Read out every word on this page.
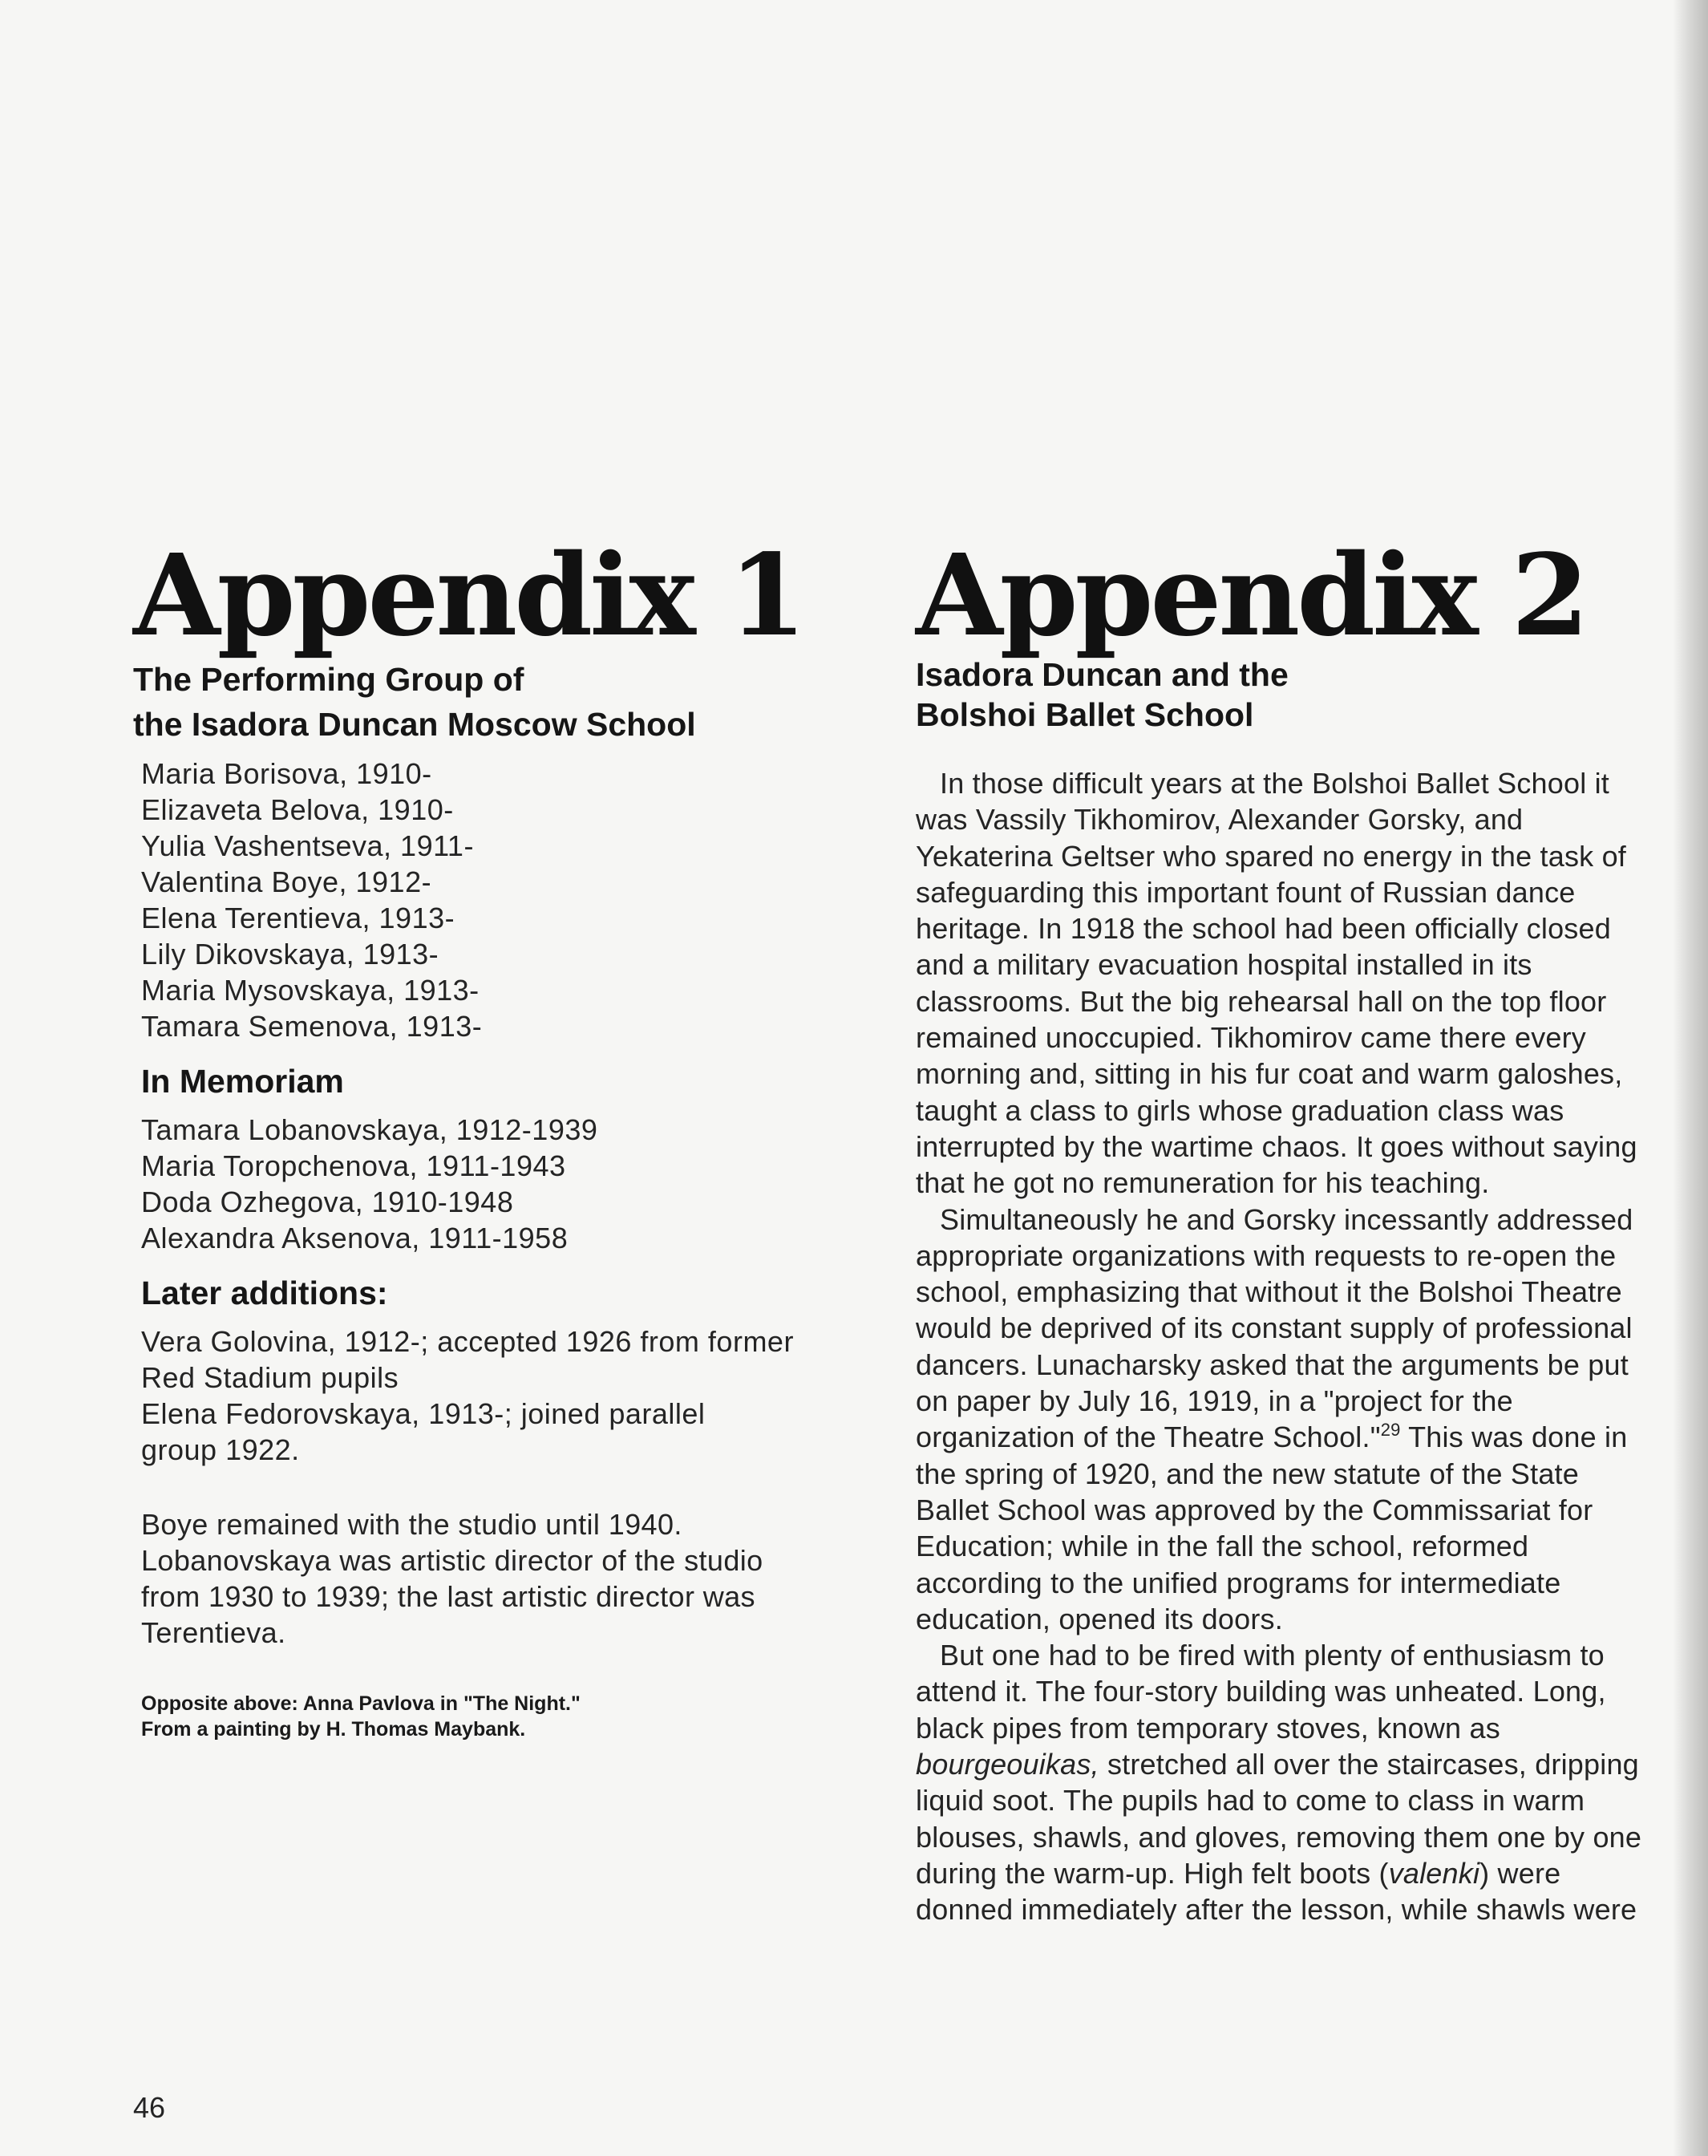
Appendix 1
The Performing Group of
the Isadora Duncan Moscow School
Maria Borisova, 1910-
Elizaveta Belova, 1910-
Yulia Vashentseva, 1911-
Valentina Boye, 1912-
Elena Terentieva, 1913-
Lily Dikovskaya, 1913-
Maria Mysovskaya, 1913-
Tamara Semenova, 1913-
In Memoriam
Tamara Lobanovskaya, 1912-1939
Maria Toropchenova, 1911-1943
Doda Ozhegova, 1910-1948
Alexandra Aksenova, 1911-1958
Later additions:
Vera Golovina, 1912-; accepted 1926 from former
Red Stadium pupils
Elena Fedorovskaya, 1913-; joined parallel
group 1922.
Boye remained with the studio until 1940.
Lobanovskaya was artistic director of the studio
from 1930 to 1939; the last artistic director was
Terentieva.
Opposite above: Anna Pavlova in "The Night."
From a painting by H. Thomas Maybank.
Appendix 2
Isadora Duncan and the
Bolshoi Ballet School

In those difficult years at the Bolshoi Ballet School it was Vassily Tikhomirov, Alexander Gorsky, and Yekaterina Geltser who spared no energy in the task of safeguarding this important fount of Russian dance heritage. In 1918 the school had been officially closed and a military evacuation hospital installed in its classrooms. But the big rehearsal hall on the top floor remained unoccupied. Tikhomirov came there every morning and, sitting in his fur coat and warm galoshes, taught a class to girls whose graduation class was interrupted by the wartime chaos. It goes without saying that he got no remuneration for his teaching.

Simultaneously he and Gorsky incessantly addressed appropriate organizations with requests to re-open the school, emphasizing that without it the Bolshoi Theatre would be deprived of its constant supply of professional dancers. Lunacharsky asked that the arguments be put on paper by July 16, 1919, in a "project for the organization of the Theatre School."$^{29}$ This was done in the spring of 1920, and the new statute of the State Ballet School was approved by the Commissariat for Education; while in the fall the school, reformed according to the unified programs for intermediate education, opened its doors.

But one had to be fired with plenty of enthusiasm to attend it. The four-story building was unheated. Long, black pipes from temporary stoves, known as bourgeouikas, stretched all over the staircases, dripping liquid soot. The pupils had to come to class in warm blouses, shawls, and gloves, removing them one by one during the warm-up. High felt boots (valenki) were donned immediately after the lesson, while shawls were

46
